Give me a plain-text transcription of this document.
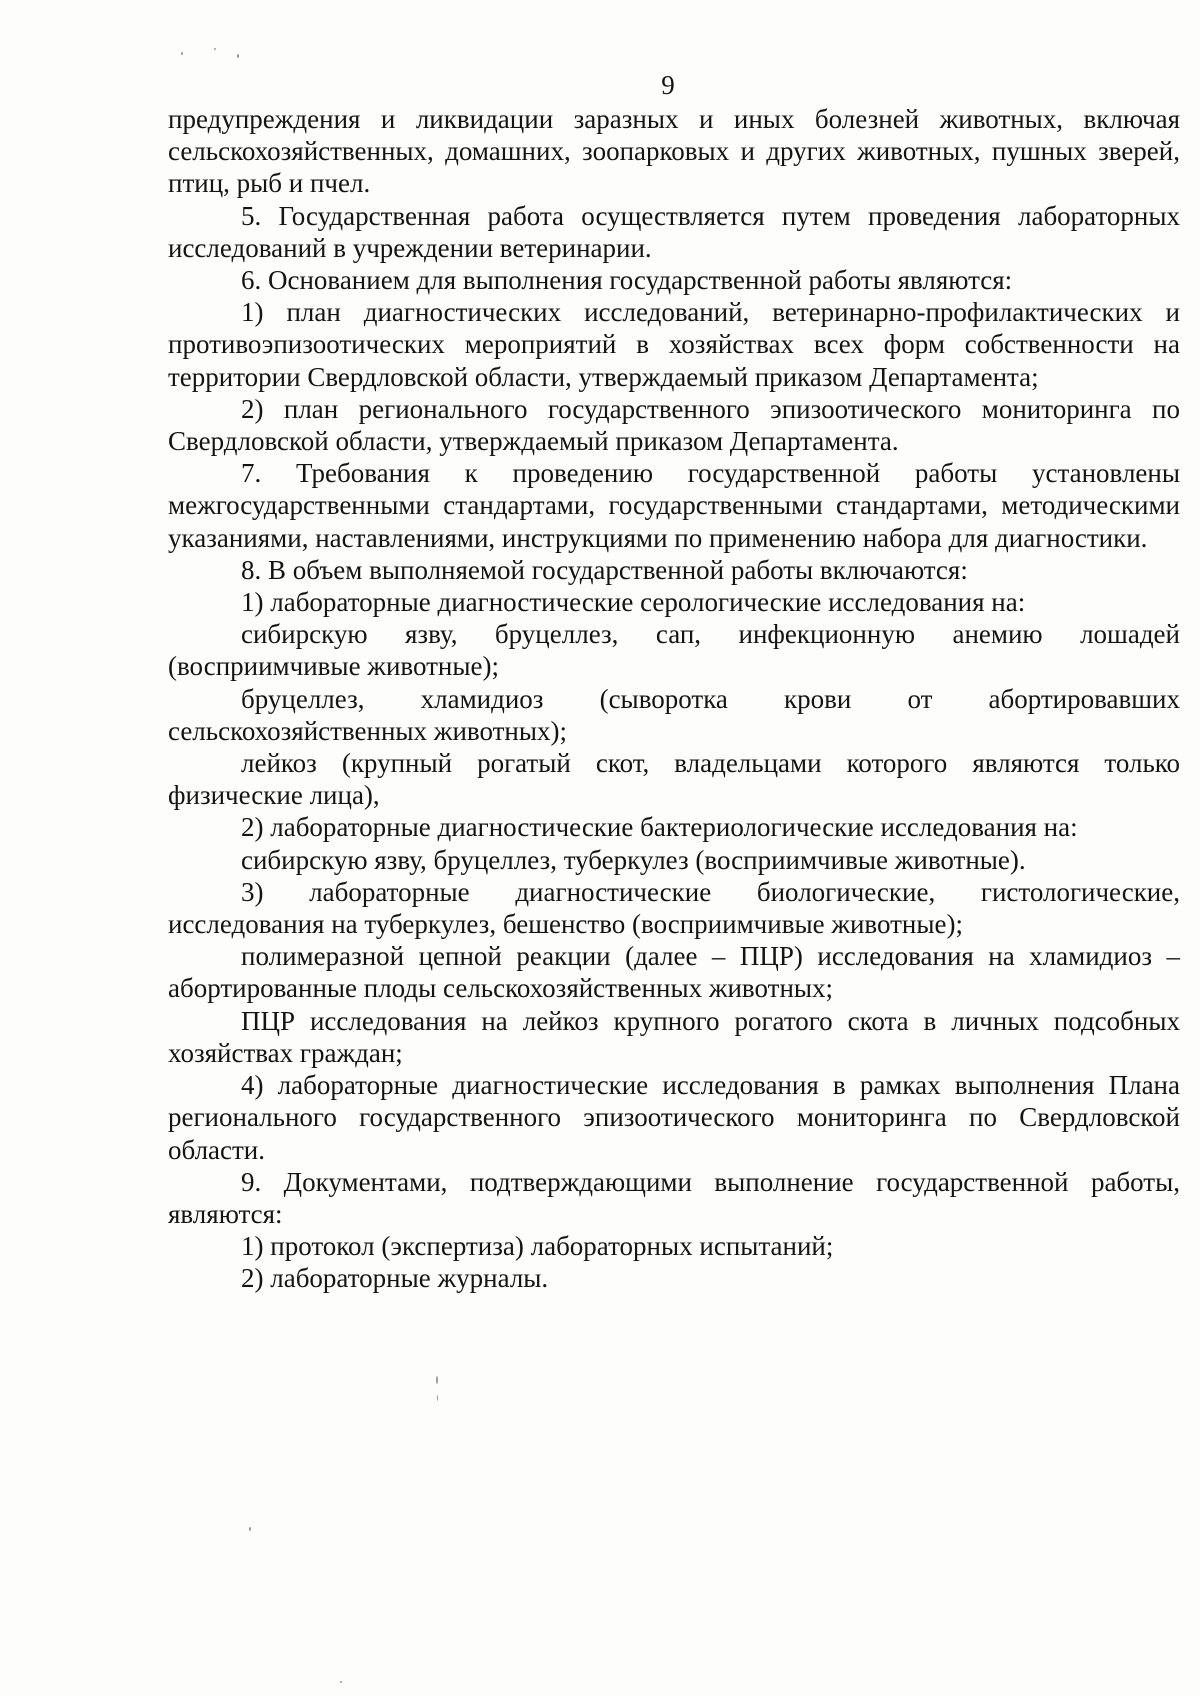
9

предупреждения и ликвидации заразных и иных болезней животных, включая сельскохозяйственных, домашних, зоопарковых и других животных, пушных зверей, птиц, рыб и пчел.

5. Государственная работа осуществляется путем проведения лабораторных исследований в учреждении ветеринарии.

6. Основанием для выполнения государственной работы являются:

1) план диагностических исследований, ветеринарно-профилактических и противоэпизоотических мероприятий в хозяйствах всех форм собственности на территории Свердловской области, утверждаемый приказом Департамента;

2) план регионального государственного эпизоотического мониторинга по Свердловской области, утверждаемый приказом Департамента.

7. Требования к проведению государственной работы установлены межгосударственными стандартами, государственными стандартами, методическими указаниями, наставлениями, инструкциями по применению набора для диагностики.

8. В объем выполняемой государственной работы включаются:

1) лабораторные диагностические серологические исследования на:

сибирскую язву, бруцеллез, сап, инфекционную анемию лошадей (восприимчивые животные);

бруцеллез, хламидиоз (сыворотка крови от абортировавших сельскохозяйственных животных);

лейкоз (крупный рогатый скот, владельцами которого являются только физические лица),

2) лабораторные диагностические бактериологические исследования на:

сибирскую язву, бруцеллез, туберкулез (восприимчивые животные).

3) лабораторные диагностические биологические, гистологические, исследования на туберкулез, бешенство (восприимчивые животные);

полимеразной цепной реакции (далее – ПЦР) исследования на хламидиоз – абортированные плоды сельскохозяйственных животных;

ПЦР исследования на лейкоз крупного рогатого скота в личных подсобных хозяйствах граждан;

4) лабораторные диагностические исследования в рамках выполнения Плана регионального государственного эпизоотического мониторинга по Свердловской области.

9. Документами, подтверждающими выполнение государственной работы, являются:

1) протокол (экспертиза) лабораторных испытаний;

2) лабораторные журналы.
